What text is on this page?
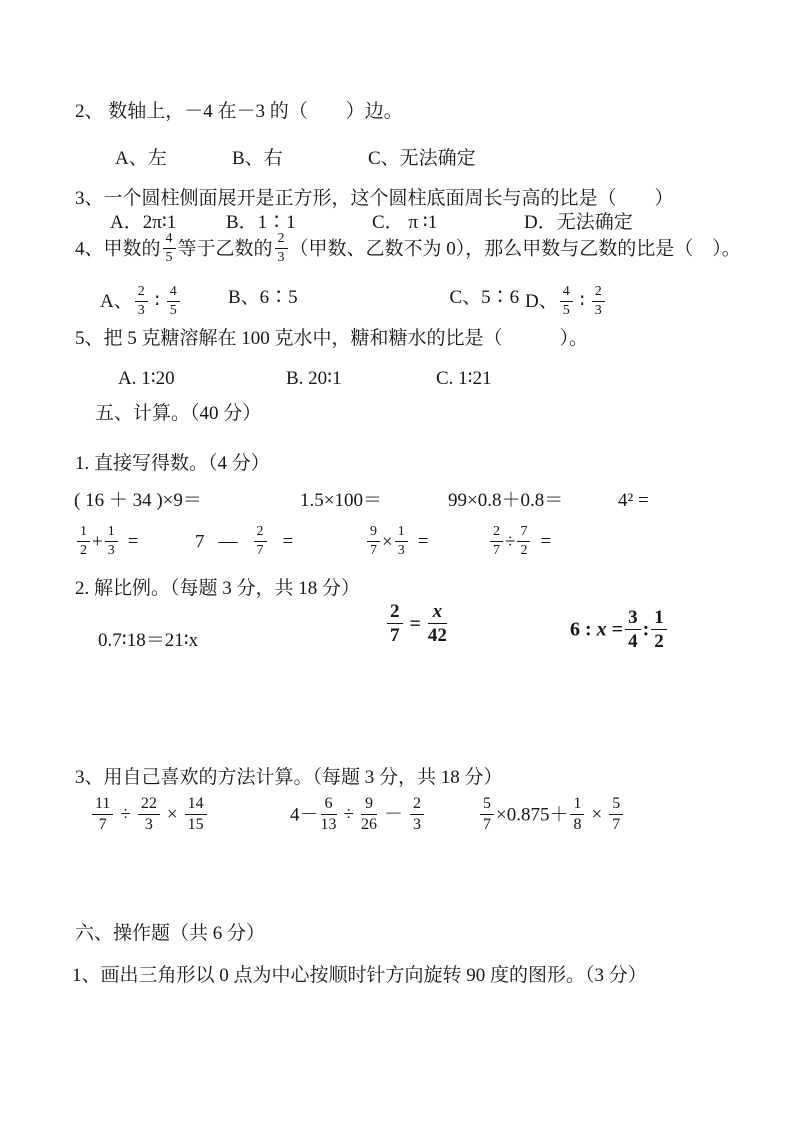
2、 数轴上，－4 在－3 的（　　）边。
A、左	B、右	C、无法确定
3、一个圆柱侧面展开是正方形，这个圆柱底面周长与高的比是（　　）
A．2π∶1	B．1∶1	C． π ∶1	D．无法确定
4、甲数的 $\frac{4}{5}$ 等于乙数的 $\frac{2}{3}$ （甲数、乙数不为 0），那么甲数与乙数的比是（　）。
A、 $\frac{2}{3}$ ∶ $\frac{4}{5}$	B、6∶5	C、5∶6 D、 $\frac{4}{5}$ ∶ $\frac{2}{3}$
5、把 5 克糖溶解在 100 克水中，糖和糖水的比是（　　　）。
A. 1∶20	B. 20∶1	C. 1∶21
五、计算。（40 分）
1. 直接写得数。（4 分）
( 16 ＋ 34 )×9＝	1.5×100＝	99×0.8＋0.8＝	4² =
$\frac{1}{2} + \frac{1}{3}$ =	7 — $\frac{2}{7}$ =	$\frac{9}{7} \times \frac{1}{3}$ =	$\frac{2}{7} \div \frac{7}{2}$ =
2. 解比例。（每题 3 分，共 18 分）
0.7∶18＝21∶x	$\frac{2}{7} = \frac{x}{42}$	6 : $x = \frac{3}{4}$ : $\frac{1}{2}$
3、用自己喜欢的方法计算。（每题 3 分，共 18 分）
$\frac{11}{7} \div \frac{22}{3} \times \frac{14}{15}$	$4- \frac{6}{13} \div \frac{9}{26} - \frac{2}{3}$	$\frac{5}{7} \times 0.875+ \frac{1}{8} \times \frac{5}{7}$
六、操作题（共 6 分）
1、画出三角形以 0 点为中心按顺时针方向旋转 90 度的图形。（3 分）
